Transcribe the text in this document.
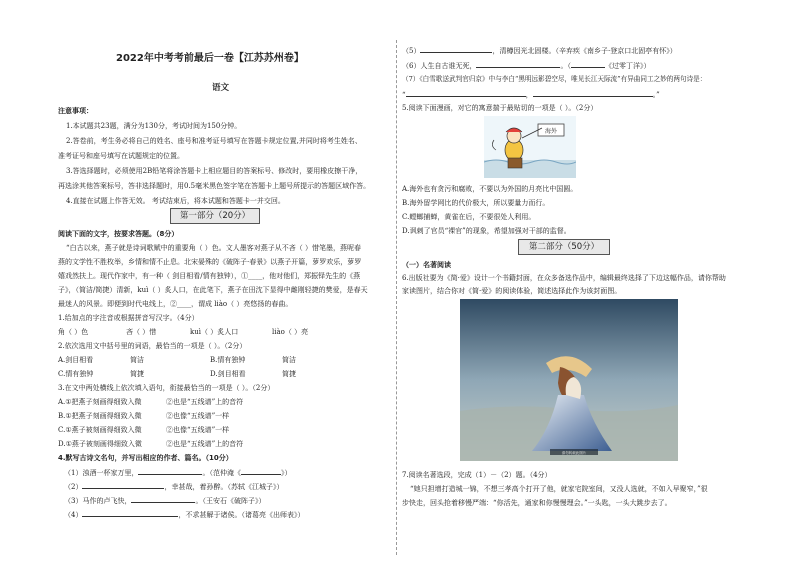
2022年中考考前最后一卷【江苏苏州卷】
语文
注意事项：
1.本试题共23题，满分为130分，考试时间为150分钟。
2.答卷前，考生务必将自己的姓名、座号和准考证号填写在答题卡规定位置,并同时将考生姓名、
准考证号和座号填写在试题规定的位置。
3.答选择题时，必须使用2B铅笔将涂答题卡上相应题目的答案标号、修改时，要用橡皮擦干净，
再选涂其他答案标号，答非选择题时，用0.5毫米黑色签字笔在答题卡上题号所提示的答题区域作答。
4.直接在试题上作答无效。 考试结束后，将本试题和答题卡一并交回。
第一部分（20分）
阅读下面的文字，按要求答题。（8分）
“白古以来，燕子就是诗词歌赋中的重要角（ ）色。文人墨客对燕子从不吝（ ）惜笔墨，燕呢春
燕的文学性不胜枚举，乡情和情不止息。北宋晏殊的《破阵子·春景》以燕子开篇，萝罗欢乐，萝罗
嬉戏然扶上。现代作家中，有一种（ 剑目相看/情有独钟），①____，他对他们，郑振铎先生的《燕
子》，（简洁/简捷）清新，kuì（ ）炙人口，在此笔下，燕子在田沈下显得中雌刚轻捷的樊爱，是春天
最迷人的风景。即便到时代电线上，②____，谓成 liào（ ）亮悠扬的春曲。
1.给加点的字注音或根据拼音写汉字。（4分）
角（ ）色	吝（ ）惜	kuì（ ）炙人口	liào（ ）亮
2.依次选用文中括号里的词语，最恰当的一项是（ ）。（2分）
A.剑目相看	简洁	B.情有独钟	简洁
C.情有独钟	简捷	D.剑目相看	简捷
3.在文中两处横线上依次填入语句，衔接最恰当的一项是（ ）。（2分）
A.①把燕子刻画得细致入微	②也是“五线谱”上的音符
B.①把燕子刻画得细致入微	②也像“五线谱”一样
C.①燕子被刻画得细致入微	②也像“五线谱”一样
D.①燕子被刻画得细致入微	②也是“五线谱”上的音符
4.默写古诗文名句，并写出相应的作者、篇名。（10分）
（1）浊酒一杯家万里，	。（范仲淹《	》）
（2）	，幸甚哉，着孙醉。（苏轼《江城子》）
（3）马作的卢飞快，	。（王安石《破阵子》）
（4）	，不求甚解于诸侯。（诸葛亮《出师表》）
（5）	，清樽因光北固楼。（辛弃疾《南乡子·登京口北固亭有怀》）
（6）人生自古谁无死，	。（	《过零丁洋》）
（7）《白雪歌送武判官归京》中与李白“黑明远影碧空尽，唯见长江天际流”有异曲同工之妙的两句诗是：
“	，	。”
5.阅读下面漫画，对它的寓意揣于最贴切的一项是（ ）。（2分）
A.海外也有贪污和腐败，不要以为外国的月亮比中国圆。
B.海外留学网比的代价极大，所以要量力而行。
C.螳螂捕蝉，黄雀在后，不要很处人利用。
D.讽刺了官员“裸官”的现象，希望加强对干部的监督。
第二部分（50分）
（一）名著阅读
6.出版社要为《简·爱》设计一个书籍封面，在众多备选作品中，编辑最终选择了下边这幅作品，请你帮助
家读图片，结合你对《简·爱》的阅读体验，简述选择此作为该封面图。
7.阅读名著选段，完成（1）－（2）题。（4分）
“她只担增打造城一锦，不想三孝高个打开了他，就家宅院室间，又没人选就，不如入早聚窄，”很
步快走，回头抢着移慢严端：“你活先，通家和你慢慢理会。”一头匙，一头大跳步去了。
海外
请勿转载此图片
